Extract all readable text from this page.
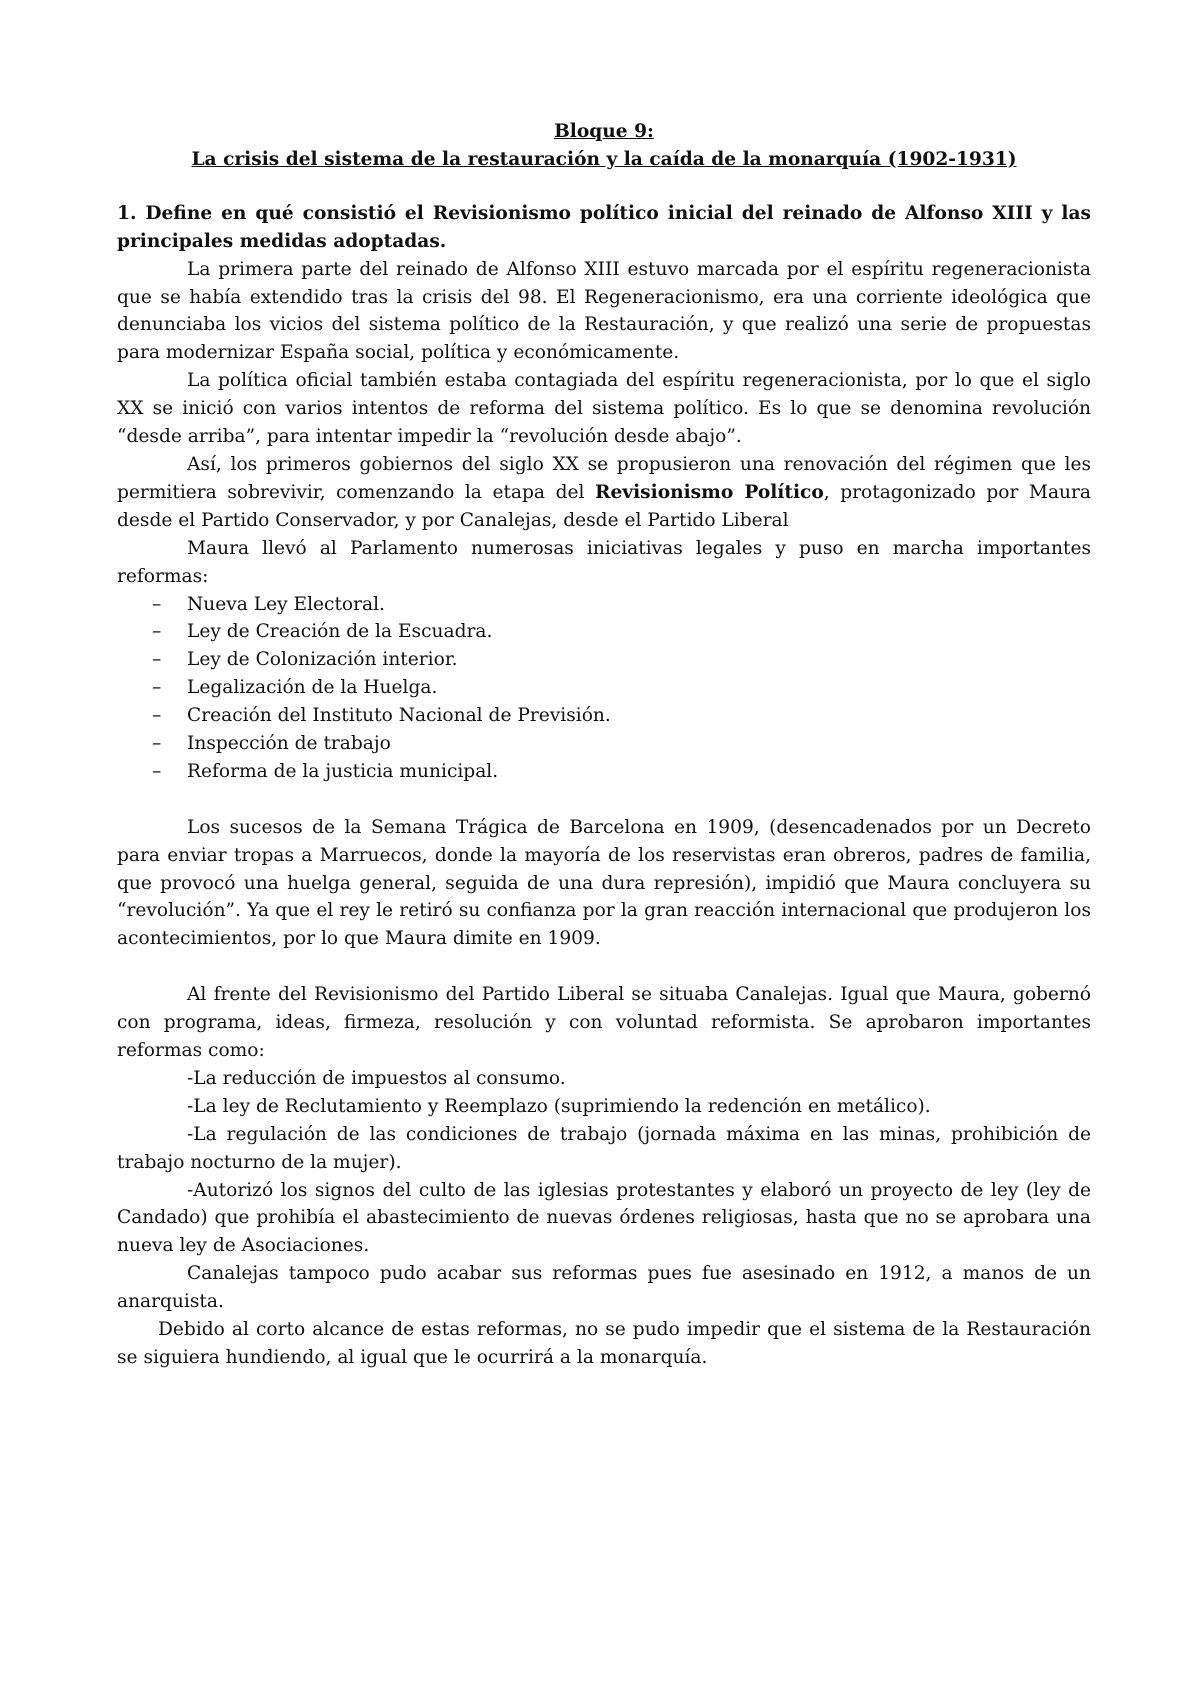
Bloque 9:

La crisis del sistema de la restauración y la caída de la monarquía (1902-1931)

1. Define en qué consistió el Revisionismo político inicial del reinado de Alfonso XIII y las principales medidas adoptadas.

La primera parte del reinado de Alfonso XIII estuvo marcada por el espíritu regeneracionista que se había extendido tras la crisis del 98. El Regeneracionismo, era una corriente ideológica que denunciaba los vicios del sistema político de la Restauración, y que realizó una serie de propuestas para modernizar España social, política y económicamente.

La política oficial también estaba contagiada del espíritu regeneracionista, por lo que el siglo XX se inició con varios intentos de reforma del sistema político. Es lo que se denomina revolución “desde arriba”, para intentar impedir la “revolución desde abajo”.

Así, los primeros gobiernos del siglo XX se propusieron una renovación del régimen que les permitiera sobrevivir, comenzando la etapa del Revisionismo Político, protagonizado por Maura desde el Partido Conservador, y por Canalejas, desde el Partido Liberal

Maura llevó al Parlamento numerosas iniciativas legales y puso en marcha importantes reformas:

– Nueva Ley Electoral.
– Ley de Creación de la Escuadra.
– Ley de Colonización interior.
– Legalización de la Huelga.
– Creación del Instituto Nacional de Previsión.
– Inspección de trabajo
– Reforma de la justicia municipal.

Los sucesos de la Semana Trágica de Barcelona en 1909, (desencadenados por un Decreto para enviar tropas a Marruecos, donde la mayoría de los reservistas eran obreros, padres de familia, que provocó una huelga general, seguida de una dura represión), impidió que Maura concluyera su “revolución”. Ya que el rey le retiró su confianza por la gran reacción internacional que produjeron los acontecimientos, por lo que Maura dimite en 1909.

Al frente del Revisionismo del Partido Liberal se situaba Canalejas. Igual que Maura, gobernó con programa, ideas, firmeza, resolución y con voluntad reformista. Se aprobaron importantes reformas como:

-La reducción de impuestos al consumo.

-La ley de Reclutamiento y Reemplazo (suprimiendo la redención en metálico).

-La regulación de las condiciones de trabajo (jornada máxima en las minas, prohibición de trabajo nocturno de la mujer).

-Autorizó los signos del culto de las iglesias protestantes y elaboró un proyecto de ley (ley de Candado) que prohibía el abastecimiento de nuevas órdenes religiosas, hasta que no se aprobara una nueva ley de Asociaciones.

Canalejas tampoco pudo acabar sus reformas pues fue asesinado en 1912, a manos de un anarquista.

Debido al corto alcance de estas reformas, no se pudo impedir que el sistema de la Restauración se siguiera hundiendo, al igual que le ocurrirá a la monarquía.
